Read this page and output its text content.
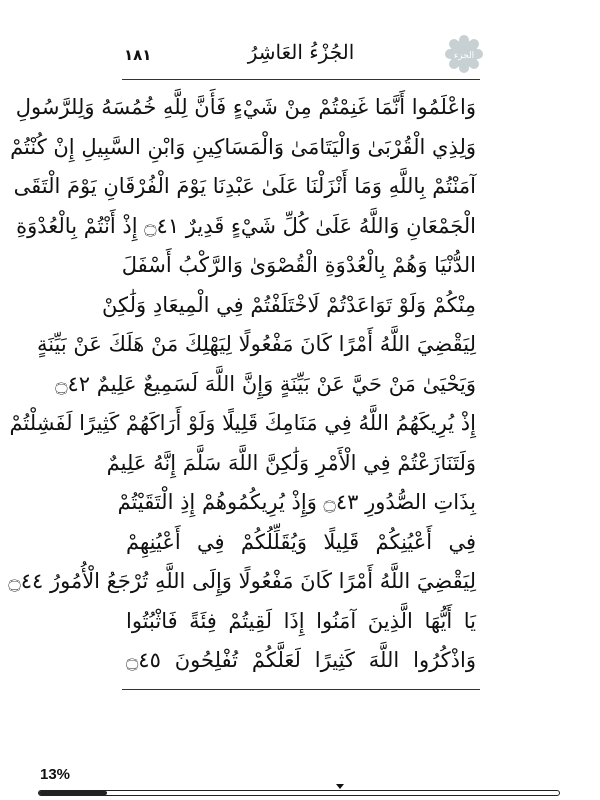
١٨١	الجُزْءُ العَاشِرُ	الجزء
وَاعْلَمُوا أَنَّمَا غَنِمْتُمْ مِنْ شَيْءٍ فَأَنَّ لِلَّهِ خُمُسَهُ وَلِلرَّسُولِ
وَلِذِي الْقُرْبَىٰ وَالْيَتَامَىٰ وَالْمَسَاكِينِ وَابْنِ السَّبِيلِ إِنْ كُنْتُمْ
آمَنْتُمْ بِاللَّهِ وَمَا أَنْزَلْنَا عَلَىٰ عَبْدِنَا يَوْمَ الْفُرْقَانِ يَوْمَ الْتَقَى
الْجَمْعَانِ وَاللَّهُ عَلَىٰ كُلِّ شَيْءٍ قَدِيرٌ ۝٤١ إِذْ أَنْتُمْ بِالْعُدْوَةِ
الدُّنْيَا وَهُمْ بِالْعُدْوَةِ الْقُصْوَىٰ وَالرَّكْبُ أَسْفَلَ
مِنْكُمْ وَلَوْ تَوَاعَدْتُمْ لَاخْتَلَفْتُمْ فِي الْمِيعَادِ وَلَٰكِنْ
لِيَقْضِيَ اللَّهُ أَمْرًا كَانَ مَفْعُولًا لِيَهْلِكَ مَنْ هَلَكَ عَنْ بَيِّنَةٍ
وَيَحْيَىٰ مَنْ حَيَّ عَنْ بَيِّنَةٍ وَإِنَّ اللَّهَ لَسَمِيعٌ عَلِيمٌ ۝٤٢
إِذْ يُرِيكَهُمُ اللَّهُ فِي مَنَامِكَ قَلِيلًا وَلَوْ أَرَاكَهُمْ كَثِيرًا لَفَشِلْتُمْ
وَلَتَنَازَعْتُمْ فِي الْأَمْرِ وَلَٰكِنَّ اللَّهَ سَلَّمَ إِنَّهُ عَلِيمٌ
بِذَاتِ الصُّدُورِ ۝٤٣ وَإِذْ يُرِيكُمُوهُمْ إِذِ الْتَقَيْتُمْ
فِي أَعْيُنِكُمْ قَلِيلًا وَيُقَلِّلُكُمْ فِي أَعْيُنِهِمْ
لِيَقْضِيَ اللَّهُ أَمْرًا كَانَ مَفْعُولًا وَإِلَى اللَّهِ تُرْجَعُ الْأُمُورُ ۝٤٤
يَا أَيُّهَا الَّذِينَ آمَنُوا إِذَا لَقِيتُمْ فِئَةً فَاثْبُتُوا
وَاذْكُرُوا اللَّهَ كَثِيرًا لَعَلَّكُمْ تُفْلِحُونَ ۝٤٥
13%
